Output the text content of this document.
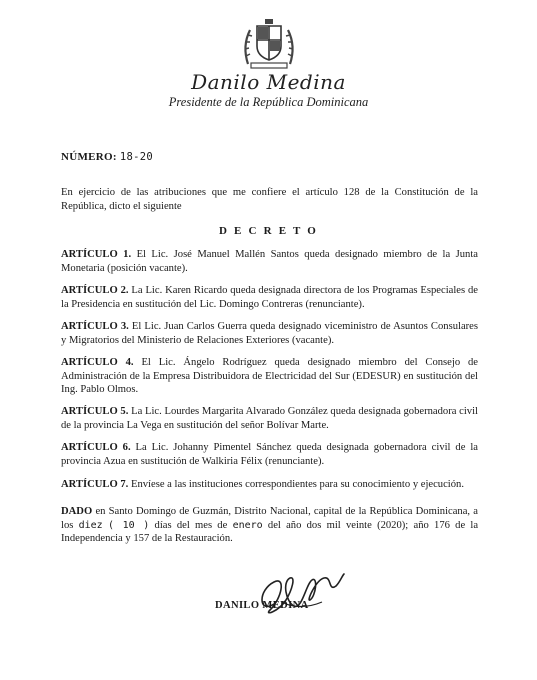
Danilo Medina
Presidente de la República Dominicana
NÚMERO: 18-20
En ejercicio de las atribuciones que me confiere el artículo 128 de la Constitución de la República, dicto el siguiente
D E C R E T O
ARTÍCULO 1. El Lic. José Manuel Mallén Santos queda designado miembro de la Junta Monetaria (posición vacante).
ARTÍCULO 2. La Lic. Karen Ricardo queda designada directora de los Programas Especiales de la Presidencia en sustitución del Lic. Domingo Contreras (renunciante).
ARTÍCULO 3. El Lic. Juan Carlos Guerra queda designado viceministro de Asuntos Consulares y Migratorios del Ministerio de Relaciones Exteriores (vacante).
ARTÍCULO 4. El Lic. Ángelo Rodríguez queda designado miembro del Consejo de Administración de la Empresa Distribuidora de Electricidad del Sur (EDESUR) en sustitución del Ing. Pablo Olmos.
ARTÍCULO 5. La Lic. Lourdes Margarita Alvarado González queda designada gobernadora civil de la provincia La Vega en sustitución del señor Bolívar Marte.
ARTÍCULO 6. La Lic. Johanny Pimentel Sánchez queda designada gobernadora civil de la provincia Azua en sustitución de Walkiria Félix (renunciante).
ARTÍCULO 7. Envíese a las instituciones correspondientes para su conocimiento y ejecución.
DADO en Santo Domingo de Guzmán, Distrito Nacional, capital de la República Dominicana, a los diez ( 10 ) días del mes de enero del año dos mil veinte (2020); año 176 de la Independencia y 157 de la Restauración.
DANILO MEDINA
